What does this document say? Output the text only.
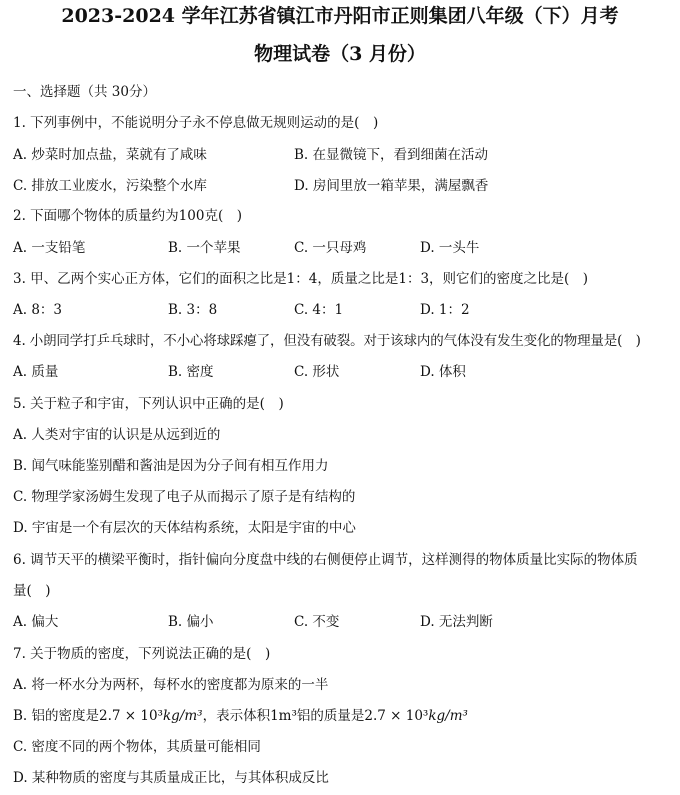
2023-2024 学年江苏省镇江市丹阳市正则集团八年级（下）月考
物理试卷（3 月份）
一、选择题（共 30分）
1. 下列事例中，不能说明分子永不停息做无规则运动的是(　)
A. 炒菜时加点盐，菜就有了咸味	B. 在显微镜下，看到细菌在活动
C. 排放工业废水，污染整个水库	D. 房间里放一箱苹果，满屋飘香
2. 下面哪个物体的质量约为100克(　)
A. 一支铅笔	B. 一个苹果	C. 一只母鸡	D. 一头牛
3. 甲、乙两个实心正方体，它们的面积之比是1：4，质量之比是1：3，则它们的密度之比是(　)
A. 8：3	B. 3：8	C. 4：1	D. 1：2
4. 小朗同学打乒乓球时，不小心将球踩瘪了，但没有破裂。对于该球内的气体没有发生变化的物理量是(　)
A. 质量	B. 密度	C. 形状	D. 体积
5. 关于粒子和宇宙，下列认识中正确的是(　)
A. 人类对宇宙的认识是从远到近的
B. 闻气味能鉴别醋和酱油是因为分子间有相互作用力
C. 物理学家汤姆生发现了电子从而揭示了原子是有结构的
D. 宇宙是一个有层次的天体结构系统，太阳是宇宙的中心
6. 调节天平的横梁平衡时，指针偏向分度盘中线的右侧便停止调节，这样测得的物体质量比实际的物体质
量(　)
A. 偏大	B. 偏小	C. 不变	D. 无法判断
7. 关于物质的密度，下列说法正确的是(　)
A. 将一杯水分为两杯，每杯水的密度都为原来的一半
B. 铝的密度是2.7 × 10³kg/m³，表示体积1m³铝的质量是2.7 × 10³kg/m³
C. 密度不同的两个物体，其质量可能相同
D. 某种物质的密度与其质量成正比，与其体积成反比
